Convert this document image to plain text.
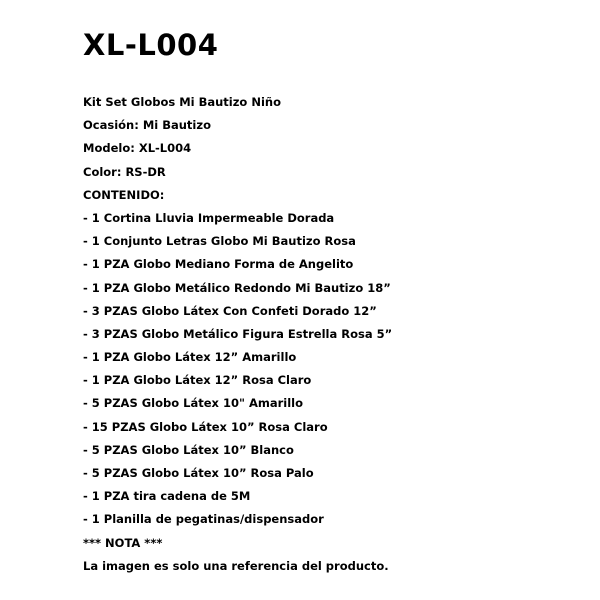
XL-L004
Kit Set Globos Mi Bautizo Niño
Ocasión: Mi Bautizo
Modelo: XL-L004
Color: RS-DR
CONTENIDO:
- 1 Cortina Lluvia Impermeable Dorada
- 1 Conjunto Letras Globo Mi Bautizo Rosa
- 1 PZA Globo Mediano Forma de Angelito
- 1 PZA Globo Metálico Redondo Mi Bautizo 18”
- 3 PZAS Globo Látex Con Confeti Dorado 12”
- 3 PZAS Globo Metálico Figura Estrella Rosa 5”
- 1 PZA Globo Látex 12” Amarillo
- 1 PZA Globo Látex 12” Rosa Claro
- 5 PZAS Globo Látex 10" Amarillo
- 15 PZAS Globo Látex 10” Rosa Claro
- 5 PZAS Globo Látex 10” Blanco
- 5 PZAS Globo Látex 10” Rosa Palo
- 1 PZA tira cadena de 5M
- 1 Planilla de pegatinas/dispensador
*** NOTA ***
La imagen es solo una referencia del producto.
